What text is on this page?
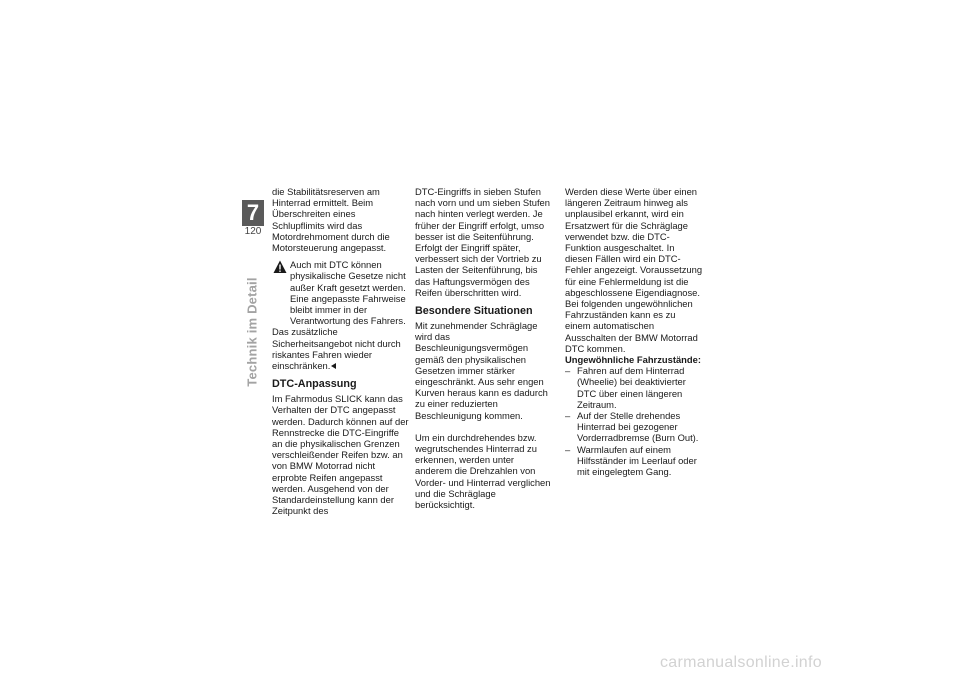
7
120
Technik im Detail

die Stabilitätsreserven am Hinterrad ermittelt. Beim Überschreiten eines Schlupflimits wird das Motordrehmoment durch die Motorsteuerung angepasst.

Auch mit DTC können physikalische Gesetze nicht außer Kraft gesetzt werden. Eine angepasste Fahrweise bleibt immer in der Verantwortung des Fahrers.

Das zusätzliche Sicherheitsangebot nicht durch riskantes Fahren wieder einschränken.

DTC-Anpassung

Im Fahrmodus SLICK kann das Verhalten der DTC angepasst werden. Dadurch können auf der Rennstrecke die DTC-Eingriffe an die physikalischen Grenzen verschleißender Reifen bzw. an von BMW Motorrad nicht erprobte Reifen angepasst werden. Ausgehend von der Standardeinstellung kann der Zeitpunkt des

DTC-Eingriffs in sieben Stufen nach vorn und um sieben Stufen nach hinten verlegt werden. Je früher der Eingriff erfolgt, umso besser ist die Seitenführung. Erfolgt der Eingriff später, verbessert sich der Vortrieb zu Lasten der Seitenführung, bis das Haftungsvermögen des Reifen überschritten wird.

Besondere Situationen

Mit zunehmender Schräglage wird das Beschleunigungsvermögen gemäß den physikalischen Gesetzen immer stärker eingeschränkt. Aus sehr engen Kurven heraus kann es dadurch zu einer reduzierten Beschleunigung kommen.

Um ein durchdrehendes bzw. wegrutschendes Hinterrad zu erkennen, werden unter anderem die Drehzahlen von Vorder- und Hinterrad verglichen und die Schräglage berücksichtigt.

Werden diese Werte über einen längeren Zeitraum hinweg als unplausibel erkannt, wird ein Ersatzwert für die Schräglage verwendet bzw. die DTC-Funktion ausgeschaltet. In diesen Fällen wird ein DTC-Fehler angezeigt. Voraussetzung für eine Fehlermeldung ist die abgeschlossene Eigendiagnose.

Bei folgenden ungewöhnlichen Fahrzuständen kann es zu einem automatischen Ausschalten der BMW Motorrad DTC kommen.

Ungewöhnliche Fahrzustände:

– Fahren auf dem Hinterrad (Wheelie) bei deaktivierter DTC über einen längeren Zeitraum.
– Auf der Stelle drehendes Hinterrad bei gezogener Vorderradbremse (Burn Out).
– Warmlaufen auf einem Hilfsständer im Leerlauf oder mit eingelegtem Gang.
carmanualsonline.info
